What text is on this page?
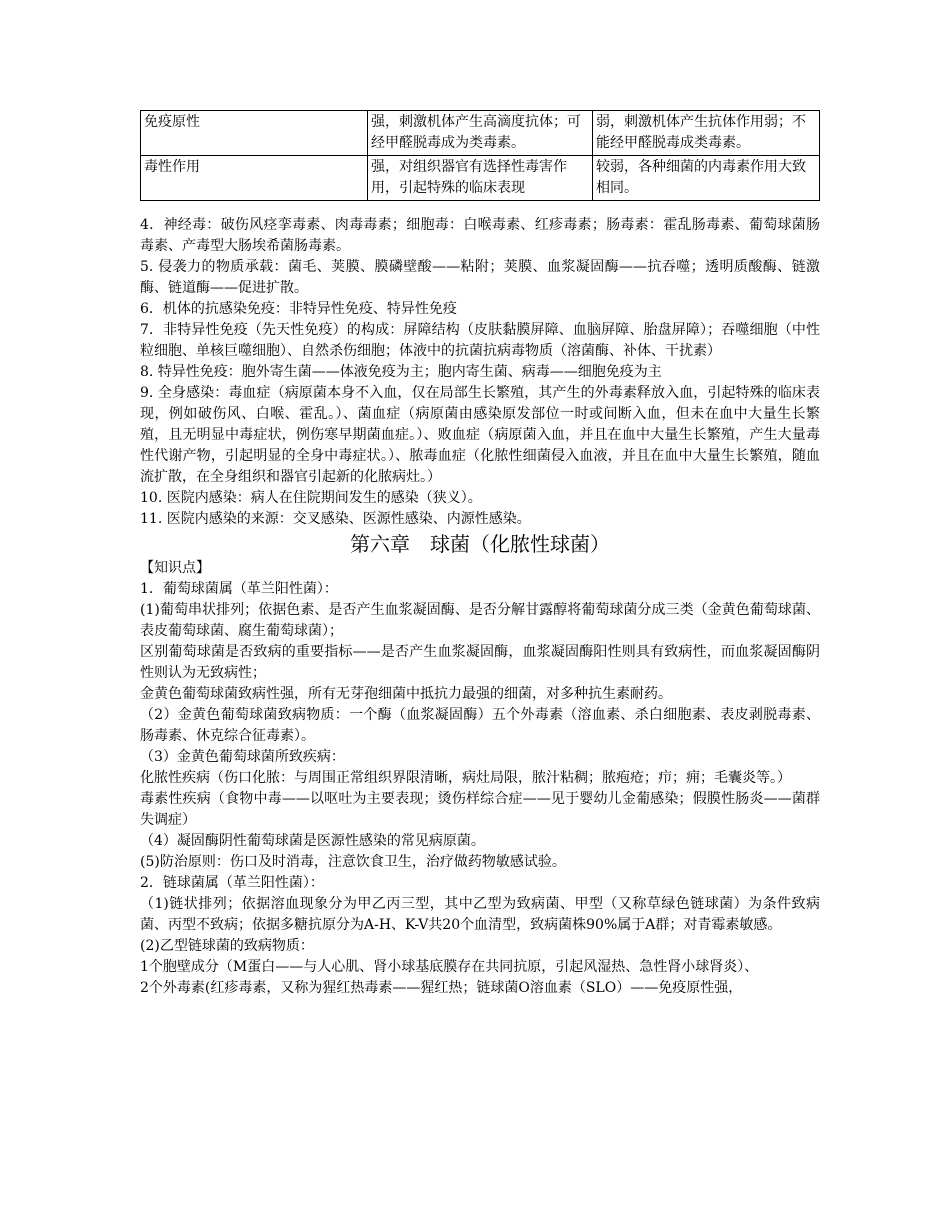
免疫原性	强，刺激机体产生高滴度抗体；可经甲醛脱毒成为类毒素。	弱，刺激机体产生抗体作用弱；不能经甲醛脱毒成类毒素。
毒性作用	强，对组织器官有选择性毒害作用，引起特殊的临床表现	较弱，各种细菌的内毒素作用大致相同。

4．神经毒：破伤风痉挛毒素、肉毒毒素；细胞毒：白喉毒素、红疹毒素；肠毒素：霍乱肠毒素、葡萄球菌肠毒素、产毒型大肠埃希菌肠毒素。

5. 侵袭力的物质承载：菌毛、荚膜、膜磷壁酸——粘附；荚膜、血浆凝固酶——抗吞噬；透明质酸酶、链激酶、链道酶——促进扩散。

6．机体的抗感染免疫：非特异性免疫、特异性免疫

7．非特异性免疫（先天性免疫）的构成：屏障结构（皮肤黏膜屏障、血脑屏障、胎盘屏障）；吞噬细胞（中性粒细胞、单核巨噬细胞）、自然杀伤细胞；体液中的抗菌抗病毒物质（溶菌酶、补体、干扰素）

8. 特异性免疫：胞外寄生菌——体液免疫为主；胞内寄生菌、病毒——细胞免疫为主

9. 全身感染：毒血症（病原菌本身不入血，仅在局部生长繁殖，其产生的外毒素释放入血，引起特殊的临床表现，例如破伤风、白喉、霍乱。）、菌血症（病原菌由感染原发部位一时或间断入血，但未在血中大量生长繁殖，且无明显中毒症状，例伤寒早期菌血症。）、败血症（病原菌入血，并且在血中大量生长繁殖，产生大量毒性代谢产物，引起明显的全身中毒症状。）、脓毒血症（化脓性细菌侵入血液，并且在血中大量生长繁殖，随血流扩散，在全身组织和器官引起新的化脓病灶。）

10. 医院内感染：病人在住院期间发生的感染（狭义）。

11. 医院内感染的来源：交叉感染、医源性感染、内源性感染。

第六章　球菌（化脓性球菌）

【知识点】

1．葡萄球菌属（革兰阳性菌）：

(1)葡萄串状排列；依据色素、是否产生血浆凝固酶、是否分解甘露醇将葡萄球菌分成三类（金黄色葡萄球菌、表皮葡萄球菌、腐生葡萄球菌）；

区别葡萄球菌是否致病的重要指标——是否产生血浆凝固酶，血浆凝固酶阳性则具有致病性，而血浆凝固酶阴性则认为无致病性；

金黄色葡萄球菌致病性强，所有无芽孢细菌中抵抗力最强的细菌，对多种抗生素耐药。

（2）金黄色葡萄球菌致病物质：一个酶（血浆凝固酶）五个外毒素（溶血素、杀白细胞素、表皮剥脱毒素、肠毒素、休克综合征毒素）。

（3）金黄色葡萄球菌所致疾病：

化脓性疾病（伤口化脓：与周围正常组织界限清晰，病灶局限，脓汁粘稠；脓疱疮；疖；痈；毛囊炎等。）

毒素性疾病（食物中毒——以呕吐为主要表现；烫伤样综合症——见于婴幼儿金葡感染；假膜性肠炎——菌群失调症）

（4）凝固酶阴性葡萄球菌是医源性感染的常见病原菌。

(5)防治原则：伤口及时消毒，注意饮食卫生，治疗做药物敏感试验。

2．链球菌属（革兰阳性菌）：

（1)链状排列；依据溶血现象分为甲乙丙三型，其中乙型为致病菌、甲型（又称草绿色链球菌）为条件致病菌、丙型不致病；依据多糖抗原分为A-H、K-V共20个血清型，致病菌株90%属于A群；对青霉素敏感。

(2)乙型链球菌的致病物质：

1个胞壁成分（M蛋白——与人心肌、肾小球基底膜存在共同抗原，引起风湿热、急性肾小球肾炎）、

2个外毒素(红疹毒素，又称为猩红热毒素——猩红热；链球菌O溶血素（SLO）——免疫原性强，
